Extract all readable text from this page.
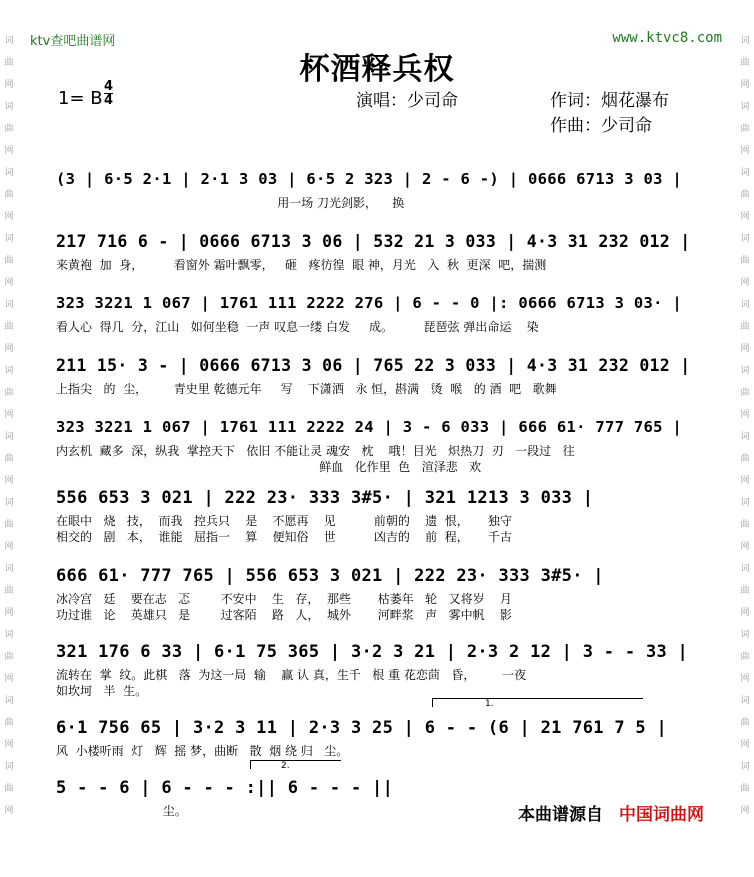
词曲网词曲网词曲网词曲网词曲网词曲网词曲网词曲网词曲网词曲网词曲网词曲网
词曲网词曲网词曲网词曲网词曲网词曲网词曲网词曲网词曲网词曲网词曲网词曲网
ktv查吧曲谱网	www.ktvc8.com
杯酒释兵权
1= B $\frac{4}{4}$	演唱：少司命	作词：烟花瀑布
作曲：少司命
(3 | 6·5 2·1 | 2·1 3 03 | 6·5 2 323 | 2 - 6 -) | 0666 6713 3 03 |
用一场 刀光剑影，    换
217 716 6 - | 0666 6713 3 06 | 532 21 3 033 | 4·3 31 232 012 |
来黄袍  加  身，        看窗外 霜叶飘零，   砸   疼彷徨  眼 神，月光   入  秋  更深  吧，揣测
323 3221 1 067 | 1761 111 2222 276 | 6 - - 0 |: 0666 6713 3 03· |
看人心  得几  分，江山   如何坐稳  一声 叹息一缕 白发     成。        琵琶弦 弹出命运    染
211 15· 3 - | 0666 6713 3 06 | 765 22 3 033 | 4·3 31 232 012 |
上指尖   的  尘，       青史里 乾德元年     写    下潇洒   永 恒，斟满   烫  喉   的 酒  吧   歌舞
323 3221 1 067 | 1761 111 2222 24 | 3 - 6 033 | 666 61· 777 765 |
内玄机  藏多  深，纵我  掌控天下   依旧 不能让灵 魂安   枕    哦！目光   炽热刀  刃   一段过   往
鲜血   化作里  色   渲泽悲   欢
556 653 3 021 | 222 23· 333 3#5· | 321 1213 3 033 |
在眼中   烧   技，  而我   控兵只    是    不愿再    见          前朝的    遗  恨，     独守
相交的   剧   本，  谁能   屈指一    算    便知俗    世          凶吉的    前  程，     千古
666 61· 777 765 | 556 653 3 021 | 222 23· 333 3#5· |
冰冷宫   廷    要在志   忑        不安中    生   存，  那些       枯萎年   轮   又将岁    月
功过谁   论    英雄只   是        过客陌    路   人，  城外       河畔浆   声   雾中帆    影
321 176 6 33 | 6·1 75 365 | 3·2 3 21 | 2·3 2 12 | 3 - - 33 |
流转在  掌  纹。此棋   落  为这一局  输    赢 认 真，生千   根 重 花恋茴   昏，       一夜
如坎坷   半  生。
6·1 756 65 | 3·2 3 11 | 2·3 3 25 | 6 - - (6 | 21 761 7 5 |
风  小楼听雨  灯   辉  摇 梦，曲断   散  烟 绕 归   尘。
5 - - 6 | 6 - - - :|| 6 - - - ||
尘。
1.
2.
本曲谱源自 中国词曲网
